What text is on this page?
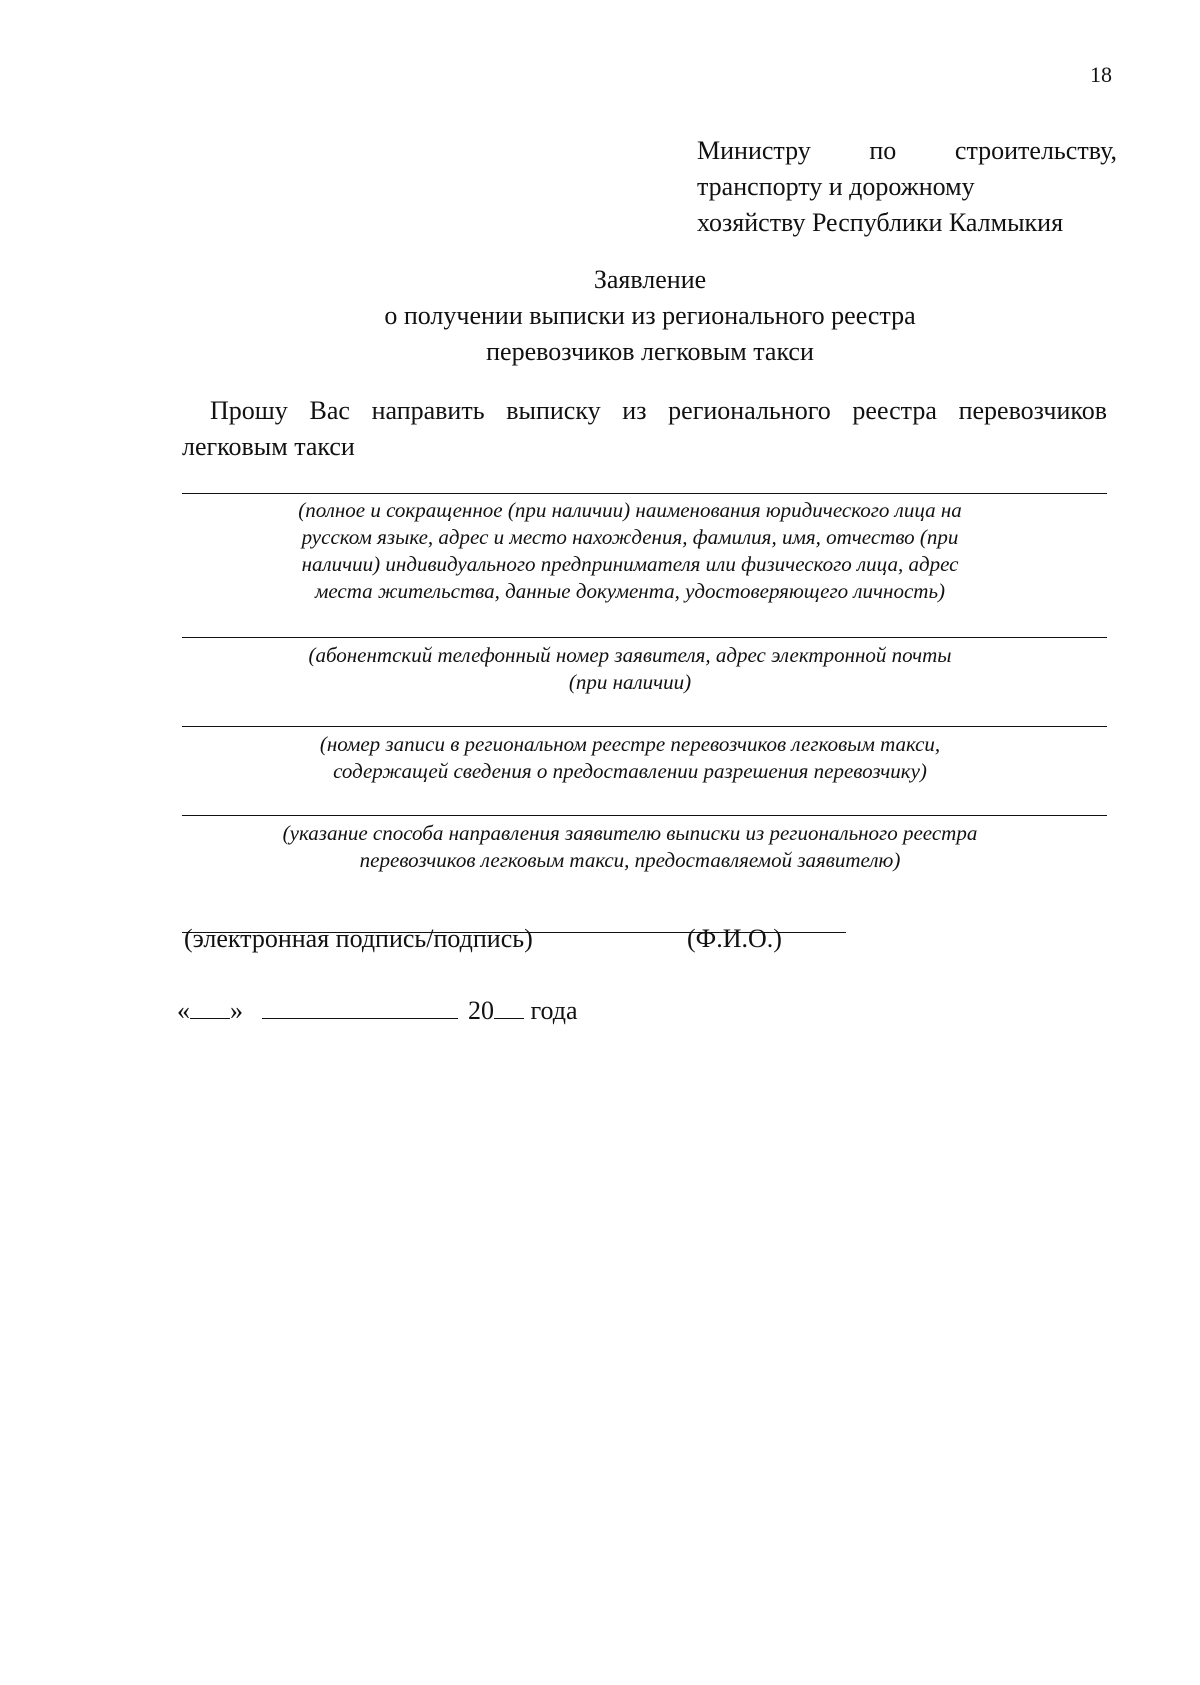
18
Министру по строительству,
транспорту и дорожному
хозяйству Республики Калмыкия
Заявление
о получении выписки из регионального реестра
перевозчиков легковым такси
Прошу Вас направить выписку из регионального реестра перевозчиков легковым такси
(полное и сокращенное (при наличии) наименования юридического лица на
русском языке, адрес и место нахождения, фамилия, имя, отчество (при
наличии) индивидуального предпринимателя или физического лица, адрес
места жительства, данные документа, удостоверяющего личность)
(абонентский телефонный номер заявителя, адрес электронной почты
(при наличии)
(номер записи в региональном реестре перевозчиков легковым такси,
содержащей сведения о предоставлении разрешения перевозчику)
(указание способа направления заявителю выписки из регионального реестра
перевозчиков легковым такси, предоставляемой заявителю)
(электронная подпись/подпись)	(Ф.И.О.)
« »	20 года
